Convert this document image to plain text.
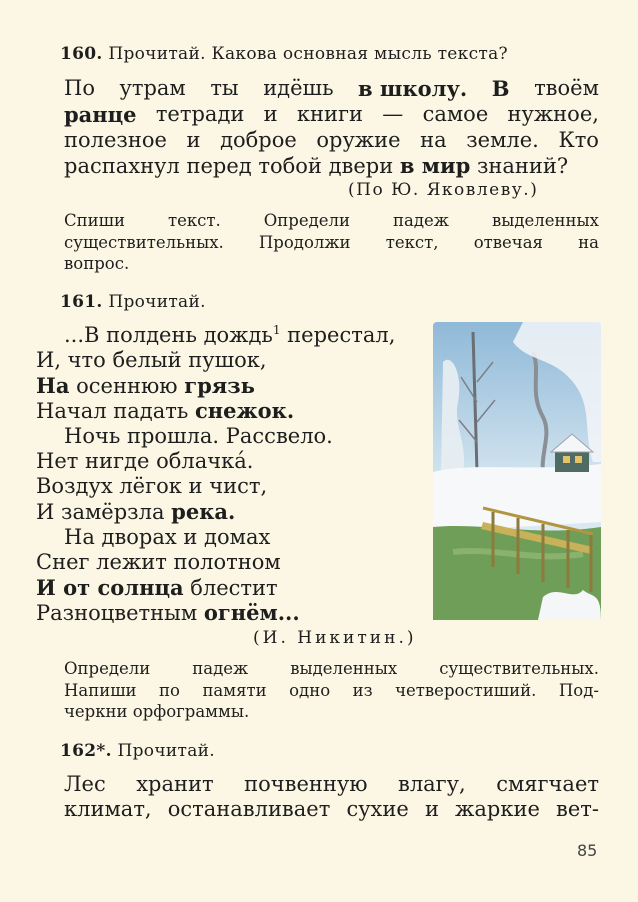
160. Прочитай. Какова основная мысль текста?
По утрам ты идёшь в школу. В твоём
ранце тетради и книги — самое нужное,
полезное и доброе оружие на земле. Кто
распахнул перед тобой двери в мир знаний?
(По Ю. Яковлеву.)
Спиши	текст.	Определи	падеж	выделенных
существительных. Продолжи текст, отвечая на
вопрос.
161. Прочитай.
...В полдень дождь$^1$ перестал,
И, что белый пушок,
На осеннюю грязь
Начал падать снежок.
Ночь прошла. Рассвело.
Нет нигде облачка́.
Воздух лёгок и чист,
И замёрзла река.
На дворах и домах
Снег лежит полотном
И от солнца блестит
Разноцветным огнём...
(И. Никитин.)
Определи	падеж	выделенных	существительных.
Напиши по памяти одно из четверостиший. Под-
черкни орфограммы.
162*. Прочитай.
Лес хранит почвенную влагу, смягчает
климат, останавливает сухие и жаркие вет-
85
